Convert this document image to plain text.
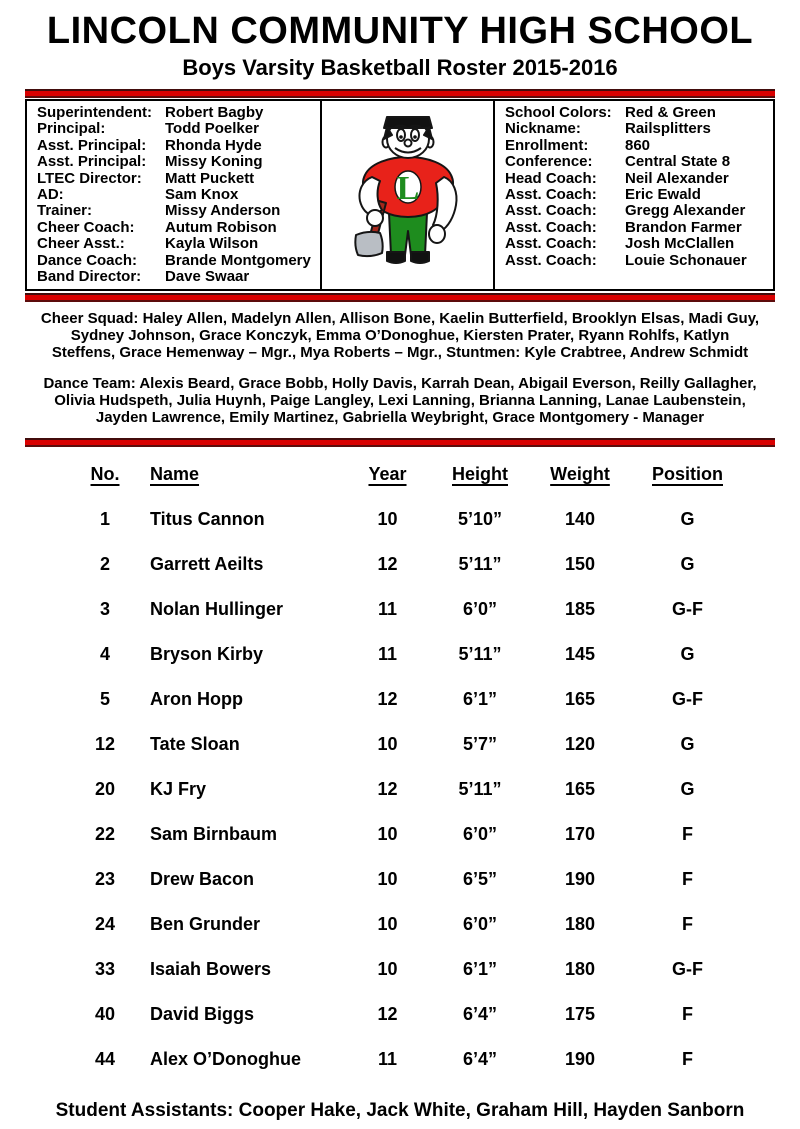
LINCOLN COMMUNITY HIGH SCHOOL
Boys Varsity Basketball Roster 2015-2016
Superintendent: Robert Bagby
Principal:	Todd Poelker
Asst. Principal: Rhonda Hyde
Asst. Principal: Missy Koning
LTEC Director: Matt Puckett
AD:	Sam Knox
Trainer:	Missy Anderson
Cheer Coach: Autum Robison
Cheer Asst.:	Kayla Wilson
Dance Coach: Brande Montgomery
Band Director: Dave Swaar
L
School Colors: Red & Green
Nickname:	Railsplitters
Enrollment: 860
Conference: Central State 8
Head Coach: Neil Alexander
Asst. Coach: Eric Ewald
Asst. Coach: Gregg Alexander
Asst. Coach: Brandon Farmer
Asst. Coach: Josh McClallen
Asst. Coach: Louie Schonauer

Cheer Squad: Haley Allen, Madelyn Allen, Allison Bone, Kaelin Butterfield, Brooklyn Elsas, Madi Guy, Sydney Johnson, Grace Konczyk, Emma O’Donoghue, Kiersten Prater, Ryann Rohlfs, Katlyn Steffens, Grace Hemenway – Mgr., Mya Roberts – Mgr., Stuntmen: Kyle Crabtree, Andrew Schmidt

Dance Team: Alexis Beard, Grace Bobb, Holly Davis, Karrah Dean, Abigail Everson, Reilly Gallagher, Olivia Hudspeth, Julia Huynh, Paige Langley, Lexi Lanning, Brianna Lanning, Lanae Laubenstein, Jayden Lawrence, Emily Martinez, Gabriella Weybright, Grace Montgomery - Manager

No.	Name	Year	Height	Weight	Position
1	Titus Cannon	10	5’10”	140	G
2	Garrett Aeilts	12	5’11”	150	G
3	Nolan Hullinger	11	6’0”	185	G-F
4	Bryson Kirby	11	5’11”	145	G
5	Aron Hopp	12	6’1”	165	G-F
12	Tate Sloan	10	5’7”	120	G
20	KJ Fry	12	5’11”	165	G
22	Sam Birnbaum	10	6’0”	170	F
23	Drew Bacon	10	6’5”	190	F
24	Ben Grunder	10	6’0”	180	F
33	Isaiah Bowers	10	6’1”	180	G-F
40	David Biggs	12	6’4”	175	F
44	Alex O’Donoghue	11	6’4”	190	F
Student Assistants: Cooper Hake, Jack White, Graham Hill, Hayden Sanborn
